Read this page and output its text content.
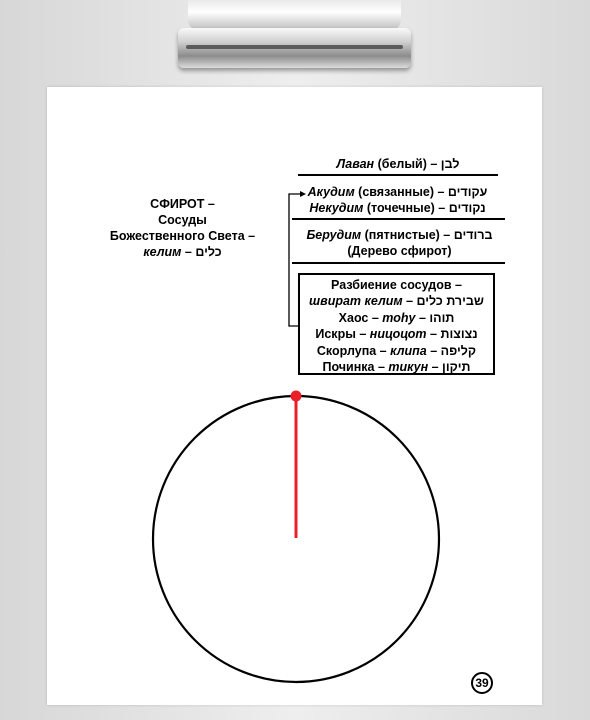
СФИРОТ –
Сосуды
Божественного Света –
келим – כלים
Лаван (белый) – לבן
Акудим (связанные) – עקודים
Некудим (точечные) – נקודים
Берудим (пятнистые) – ברודים
(Дерево сфирот)
Разбиение сосудов –
швират келим – שבירת כלים
Хаос – тоhу – תוהו
Искры – ницоцот – נצוצות
Скорлупа – клипа – קליפה
Починка – тикун – תיקון
39
